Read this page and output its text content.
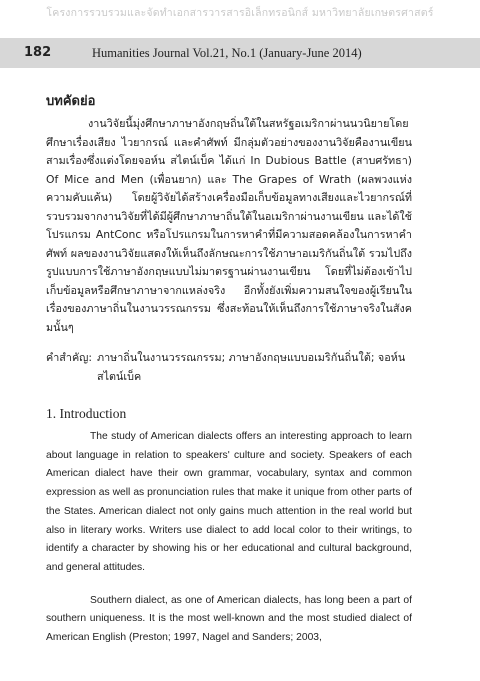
โครงการรวบรวมและจัดทำเอกสารวารสารอิเล็กทรอนิกส์ มหาวิทยาลัยเกษตรศาสตร์
182	Humanities Journal Vol.21, No.1 (January-June 2014)
บทคัดย่อ

งานวิจัยนี้มุ่งศึกษาภาษาอังกฤษถิ่นใต้ในสหรัฐอเมริกาผ่านนวนิยายโดยศึกษาเรื่องเสียง ไวยากรณ์ และคำศัพท์ มีกลุ่มตัวอย่างของงานวิจัยคืองานเขียนสามเรื่องซึ่งแต่งโดยจอห์น สไตน์เบ็ค ได้แก่ In Dubious Battle (สาบศรัทธา) Of Mice and Men (เพื่อนยาก) และ The Grapes of Wrath (ผลพวงแห่งความคับแค้น) โดยผู้วิจัยได้สร้างเครื่องมือเก็บข้อมูลทางเสียงและไวยากรณ์ที่รวบรวมจากงานวิจัยที่ได้มีผู้ศึกษาภาษาถิ่นใต้ในอเมริกาผ่านงานเขียน และได้ใช้โปรแกรม AntConc หรือโปรแกรมในการหาคำที่มีความสอดคล้องในการหาคำศัพท์ ผลของงานวิจัยแสดงให้เห็นถึงลักษณะการใช้ภาษาอเมริกันถิ่นใต้ รวมไปถึงรูปแบบการใช้ภาษาอังกฤษแบบไม่มาตรฐานผ่านงานเขียน โดยที่ไม่ต้องเข้าไปเก็บข้อมูลหรือศึกษาภาษาจากแหล่งจริง อีกทั้งยังเพิ่มความสนใจของผู้เรียนในเรื่องของภาษาถิ่นในงานวรรณกรรม ซึ่งสะท้อนให้เห็นถึงการใช้ภาษาจริงในสังคมนั้นๆ

คำสำคัญ: ภาษาถิ่นในงานวรรณกรรม; ภาษาอังกฤษแบบอเมริกันถิ่นใต้; จอห์น สไตน์เบ็ค
1. Introduction

The study of American dialects offers an interesting approach to learn about language in relation to speakers' culture and society. Speakers of each American dialect have their own grammar, vocabulary, syntax and common expression as well as pronunciation rules that make it unique from other parts of the States. American dialect not only gains much attention in the real world but also in literary works. Writers use dialect to add local color to their writings, to identify a character by showing his or her educational and cultural background, and general attitudes.

Southern dialect, as one of American dialects, has long been a part of southern uniqueness. It is the most well-known and the most studied dialect of American English (Preston; 1997, Nagel and Sanders; 2003,
